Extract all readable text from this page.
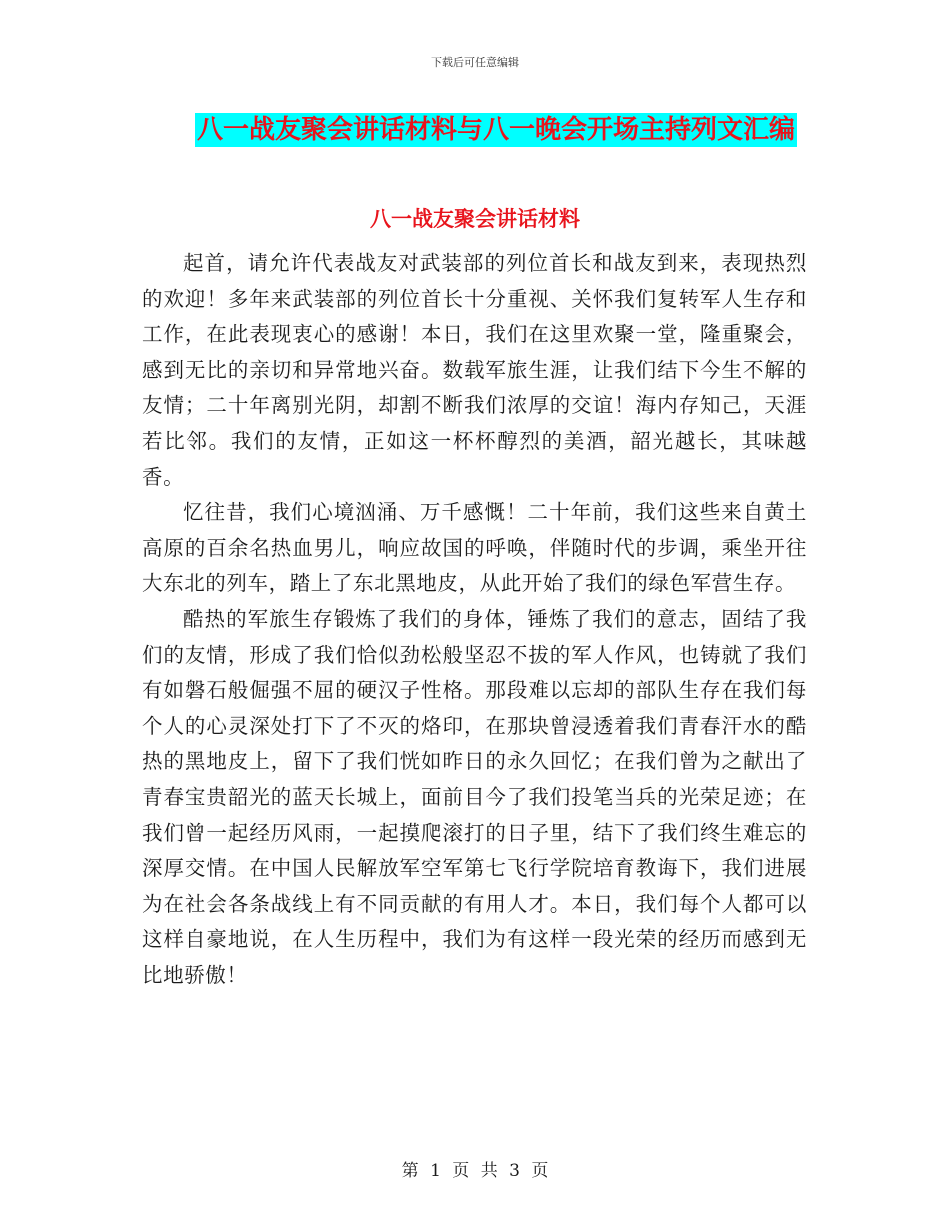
下载后可任意编辑
八一战友聚会讲话材料与八一晚会开场主持列文汇编
八一战友聚会讲话材料

起首，请允许代表战友对武装部的列位首长和战友到来，表现热烈的欢迎！多年来武装部的列位首长十分重视、关怀我们复转军人生存和工作，在此表现衷心的感谢！本日，我们在这里欢聚一堂，隆重聚会，感到无比的亲切和异常地兴奋。数载军旅生涯，让我们结下今生不解的友情；二十年离别光阴，却割不断我们浓厚的交谊！海内存知己，天涯若比邻。我们的友情，正如这一杯杯醇烈的美酒，韶光越长，其味越香。

忆往昔，我们心境汹涌、万千感慨！二十年前，我们这些来自黄土高原的百余名热血男儿，响应故国的呼唤，伴随时代的步调，乘坐开往大东北的列车，踏上了东北黑地皮，从此开始了我们的绿色军营生存。

酷热的军旅生存锻炼了我们的身体，锤炼了我们的意志，固结了我们的友情，形成了我们恰似劲松般坚忍不拔的军人作风，也铸就了我们有如磐石般倔强不屈的硬汉子性格。那段难以忘却的部队生存在我们每个人的心灵深处打下了不灭的烙印，在那块曾浸透着我们青春汗水的酷热的黑地皮上，留下了我们恍如昨日的永久回忆；在我们曾为之献出了青春宝贵韶光的蓝天长城上，面前目今了我们投笔当兵的光荣足迹；在我们曾一起经历风雨，一起摸爬滚打的日子里，结下了我们终生难忘的深厚交情。在中国人民解放军空军第七飞行学院培育教诲下，我们进展为在社会各条战线上有不同贡献的有用人才。本日，我们每个人都可以这样自豪地说，在人生历程中，我们为有这样一段光荣的经历而感到无比地骄傲！

第 1 页 共 3 页
